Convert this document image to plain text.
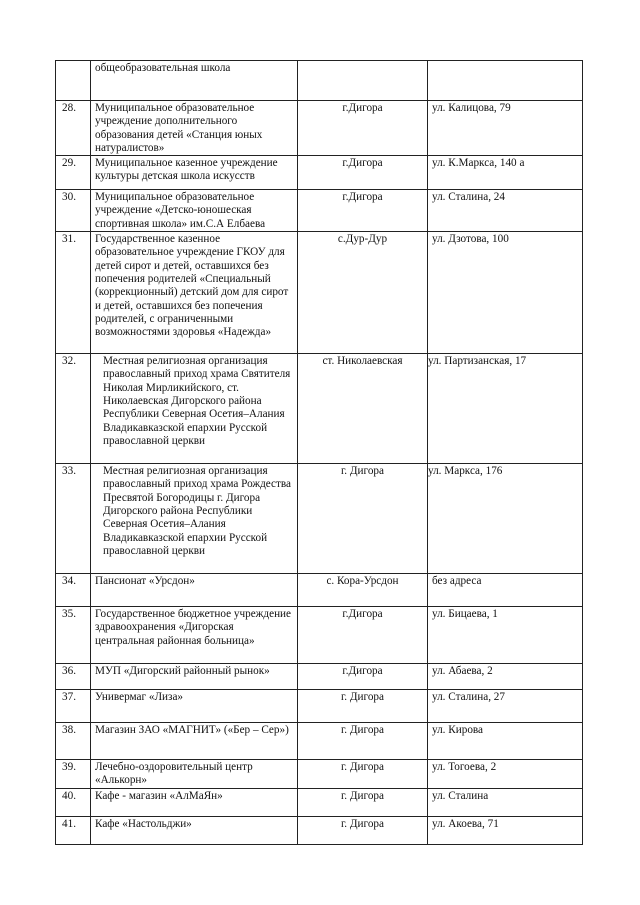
	общеобразовательная школа		
28.	Муниципальное образовательное учреждение дополнительного образования детей «Станция юных натуралистов»	г.Дигора	ул. Калицова, 79
29.	Муниципальное казенное учреждение культуры детская школа искусств	г.Дигора	ул. К.Маркса, 140 а
30.	Муниципальное образовательное учреждение «Детско-юношеская спортивная школа» им.С.А Елбаева	г.Дигора	ул. Сталина, 24
31.	Государственное казенное образовательное учреждение ГКОУ для детей сирот и детей, оставшихся без попечения родителей «Специальный (коррекционный) детский дом для сирот и детей, оставшихся без попечения родителей, с ограниченными возможностями здоровья «Надежда»	с.Дур-Дур	ул. Дзотова, 100
32.	Местная религиозная организация православный приход храма Святителя Николая Мирликийского, ст. Николаевская Дигорского района Республики Северная Осетия–Алания Владикавказской епархии Русской православной церкви	ст. Николаевская	ул. Партизанская, 17
33.	Местная религиозная организация православный приход храма Рождества Пресвятой Богородицы г. Дигора Дигорского района Республики Северная Осетия–Алания Владикавказской епархии Русской православной церкви	г. Дигора	ул. Маркса, 176
34.	Пансионат «Урсдон»	с. Кора-Урсдон	без адреса
35.	Государственное бюджетное учреждение здравоохранения «Дигорская центральная районная больница»	г.Дигора	ул. Бицаева, 1
36.	МУП «Дигорский районный рынок»	г.Дигора	ул. Абаева, 2
37.	Универмаг «Лиза»	г. Дигора	ул. Сталина, 27
38.	Магазин ЗАО «МАГНИТ» («Бер – Сер»)	г. Дигора	ул. Кирова
39.	Лечебно-оздоровительный центр «Алькорн»	г. Дигора	ул. Тогоева, 2
40.	Кафе - магазин «АлМаЯн»	г. Дигора	ул. Сталина
41.	Кафе «Настольджи»	г. Дигора	ул. Акоева, 71
